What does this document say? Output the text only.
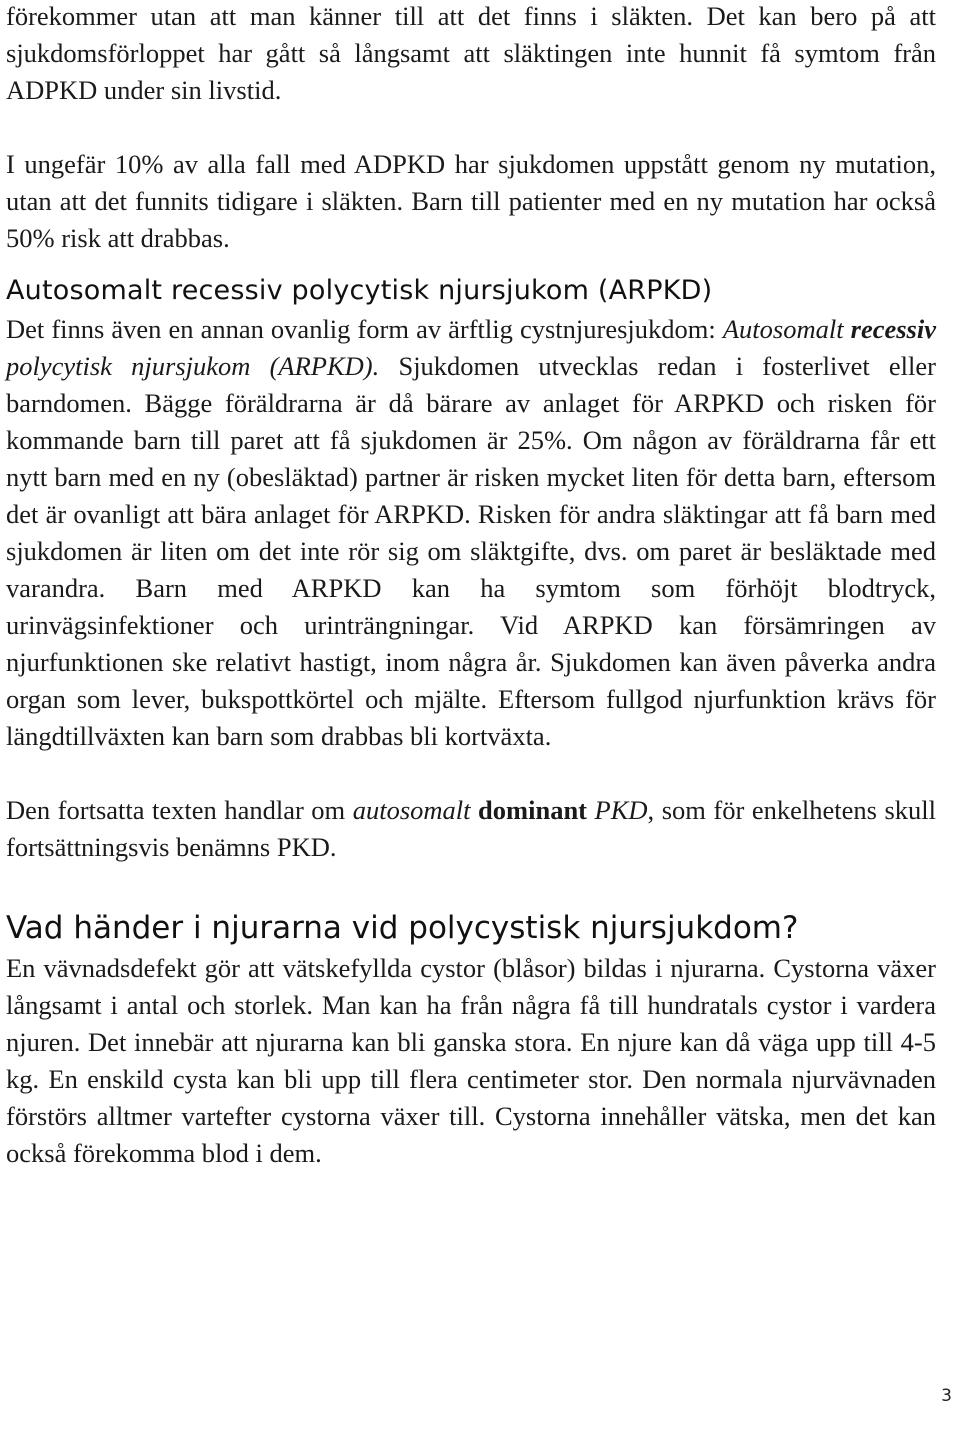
förekommer utan att man känner till att det finns i släkten. Det kan bero på att sjukdomsförloppet har gått så långsamt att släktingen inte hunnit få symtom från ADPKD under sin livstid.

I ungefär 10% av alla fall med ADPKD har sjukdomen uppstått genom ny mutation, utan att det funnits tidigare i släkten. Barn till patienter med en ny mutation har också 50% risk att drabbas.

Autosomalt recessiv polycytisk njursjukom (ARPKD)

Det finns även en annan ovanlig form av ärftlig cystnjuresjukdom: Autosomalt recessiv polycytisk njursjukom (ARPKD). Sjukdomen utvecklas redan i fosterlivet eller barndomen. Bägge föräldrarna är då bärare av anlaget för ARPKD och risken för kommande barn till paret att få sjukdomen är 25%. Om någon av föräldrarna får ett nytt barn med en ny (obesläktad) partner är risken mycket liten för detta barn, eftersom det är ovanligt att bära anlaget för ARPKD. Risken för andra släktingar att få barn med sjukdomen är liten om det inte rör sig om släktgifte, dvs. om paret är besläktade med varandra. Barn med ARPKD kan ha symtom som förhöjt blodtryck, urinvägsinfektioner och urinträngningar. Vid ARPKD kan försämringen av njurfunktionen ske relativt hastigt, inom några år. Sjukdomen kan även påverka andra organ som lever, bukspottkörtel och mjälte. Eftersom fullgod njurfunktion krävs för längdtillväxten kan barn som drabbas bli kortväxta.

Den fortsatta texten handlar om autosomalt dominant PKD, som för enkelhetens skull fortsättningsvis benämns PKD.

Vad händer i njurarna vid polycystisk njursjukdom?

En vävnadsdefekt gör att vätskefyllda cystor (blåsor) bildas i njurarna. Cystorna växer långsamt i antal och storlek. Man kan ha från några få till hundratals cystor i vardera njuren. Det innebär att njurarna kan bli ganska stora. En njure kan då väga upp till 4-5 kg. En enskild cysta kan bli upp till flera centimeter stor. Den normala njurvävnaden förstörs alltmer vartefter cystorna växer till. Cystorna innehåller vätska, men det kan också förekomma blod i dem.

3
